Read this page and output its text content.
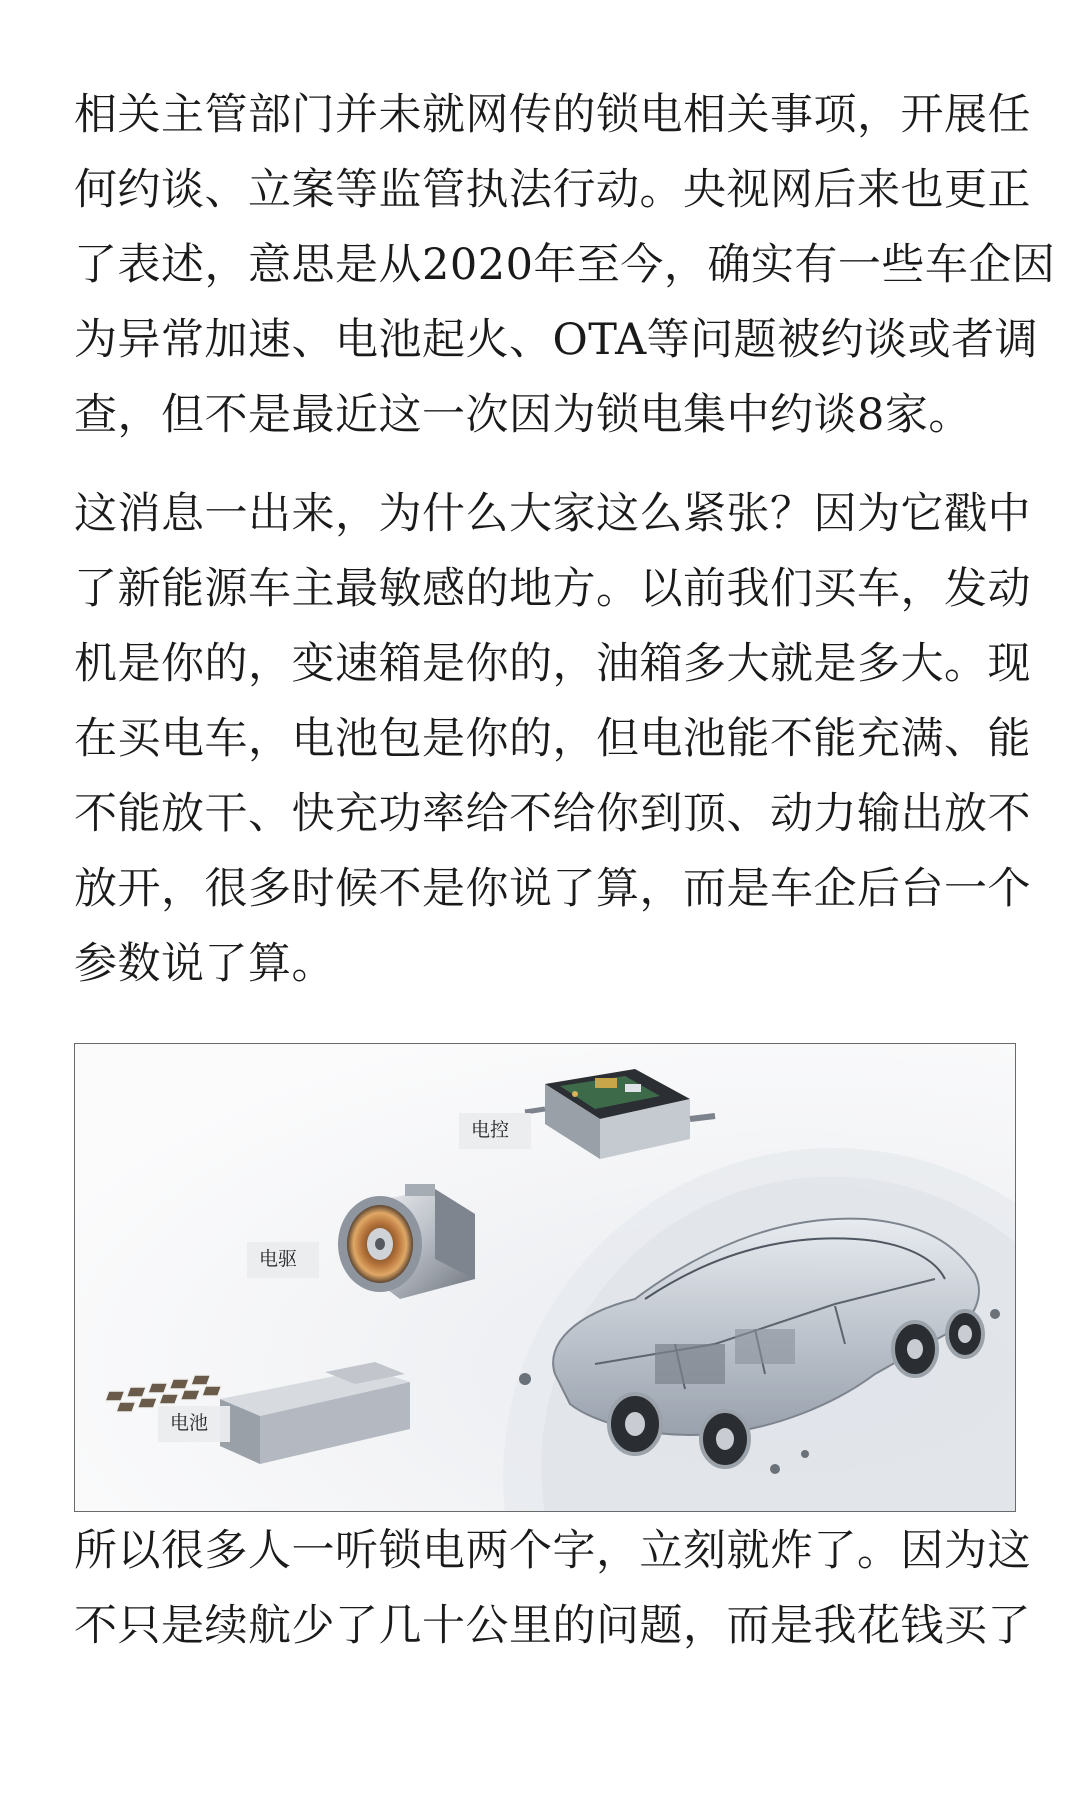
相关主管部门并未就网传的锁电相关事项，开展任
何约谈、立案等监管执法行动。央视网后来也更正
了表述，意思是从2020年至今，确实有一些车企因
为异常加速、电池起火、OTA等问题被约谈或者调
查，但不是最近这一次因为锁电集中约谈8家。

这消息一出来，为什么大家这么紧张？因为它戳中
了新能源车主最敏感的地方。以前我们买车，发动
机是你的，变速箱是你的，油箱多大就是多大。现
在买电车，电池包是你的，但电池能不能充满、能
不能放干、快充功率给不给你到顶、动力输出放不
放开，很多时候不是你说了算，而是车企后台一个
参数说了算。

电控
电驱
电池

所以很多人一听锁电两个字，立刻就炸了。因为这
不只是续航少了几十公里的问题，而是我花钱买了
